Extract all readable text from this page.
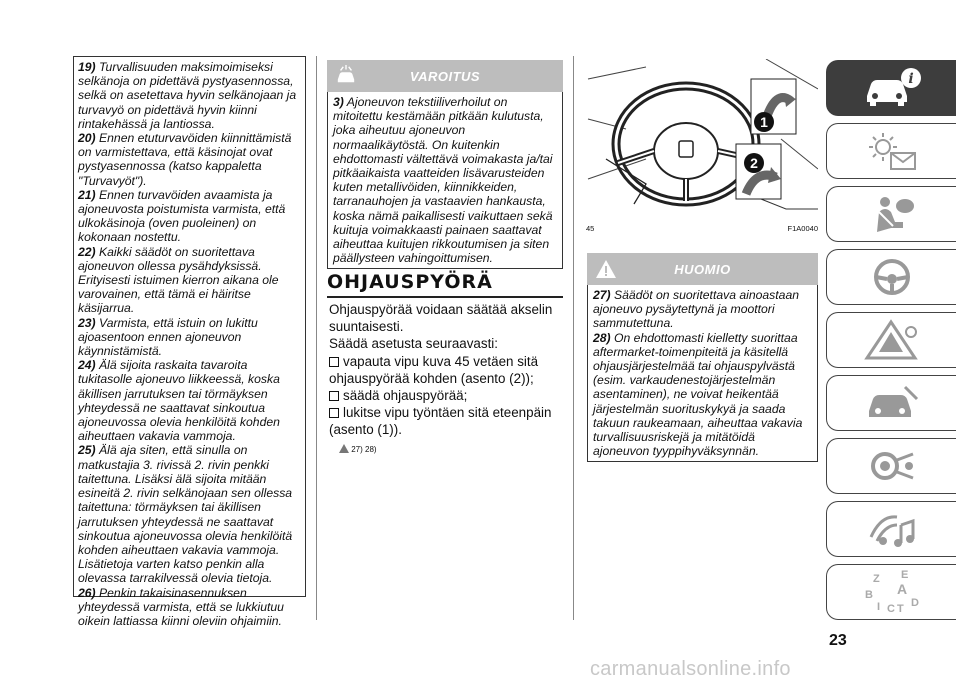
19) Turvallisuuden maksimoimiseksi selkänoja on pidettävä pystyasennossa, selkä on asetettava hyvin selkänojaan ja turvavyö on pidettävä hyvin kiinni rintakehässä ja lantiossa.
20) Ennen etuturvavöiden kiinnittämistä on varmistettava, että käsinojat ovat pystyasennossa (katso kappaletta "Turvavyöt").
21) Ennen turvavöiden avaamista ja ajoneuvosta poistumista varmista, että ulkokäsinoja (oven puoleinen) on kokonaan nostettu.
22) Kaikki säädöt on suoritettava ajoneuvon ollessa pysähdyksissä. Erityisesti istuimen kierron aikana ole varovainen, että tämä ei häiritse käsijarrua.
23) Varmista, että istuin on lukittu ajoasentoon ennen ajoneuvon käynnistämistä.
24) Älä sijoita raskaita tavaroita tukitasolle ajoneuvo liikkeessä, koska äkillisen jarrutuksen tai törmäyksen yhteydessä ne saattavat sinkoutua ajoneuvossa olevia henkilöitä kohden aiheuttaen vakavia vammoja.
25) Älä aja siten, että sinulla on matkustajia 3. rivissä 2. rivin penkki taitettuna. Lisäksi älä sijoita mitään esineitä 2. rivin selkänojaan sen ollessa taitettuna: törmäyksen tai äkillisen jarrutuksen yhteydessä ne saattavat sinkoutua ajoneuvossa olevia henkilöitä kohden aiheuttaen vakavia vammoja. Lisätietoja varten katso penkin alla olevassa tarrakilvessä olevia tietoja.
26) Penkin takaisinasennuksen yhteydessä varmista, että se lukkiutuu oikein lattiassa kiinni oleviin ohjaimiin.
VAROITUS
3) Ajoneuvon tekstiiliverhoilut on mitoitettu kestämään pitkään kulutusta, joka aiheutuu ajoneuvon normaalikäytöstä. On kuitenkin ehdottomasti vältettävä voimakasta ja/tai pitkäaikaista vaatteiden lisävarusteiden kuten metallivöiden, kiinnikkeiden, tarranauhojen ja vastaavien hankausta, koska nämä paikallisesti vaikuttaen sekä kuituja voimakkaasti painaen saattavat aiheuttaa kuitujen rikkoutumisen ja siten päällysteen vahingoittumisen.
OHJAUSPYÖRÄ
Ohjauspyörää voidaan säätää akselin suuntaisesti.
Säädä asetusta seuraavasti:
vapauta vipu kuva 45 vetäen sitä ohjauspyörää kohden (asento (2));
säädä ohjauspyörää;
lukitse vipu työntäen sitä eteenpäin (asento (1)).
27) 28)
1
2
45	F1A0040
HUOMIO
27) Säädöt on suoritettava ainoastaan ajoneuvo pysäytettynä ja moottori sammutettuna.
28) On ehdottomasti kielletty suorittaa aftermarket-toimenpiteitä ja käsitellä ohjausjärjestelmää tai ohjauspylvästä (esim. varkaudenestojärjestelmän asentaminen), ne voivat heikentää järjestelmän suorituskykyä ja saada takuun raukeamaan, aiheuttaa vakavia turvallisuusriskejä ja mitätöidä ajoneuvon tyyppihyväksynnän.
i
Z E
B A
I C T D
23
carmanualsonline.info
